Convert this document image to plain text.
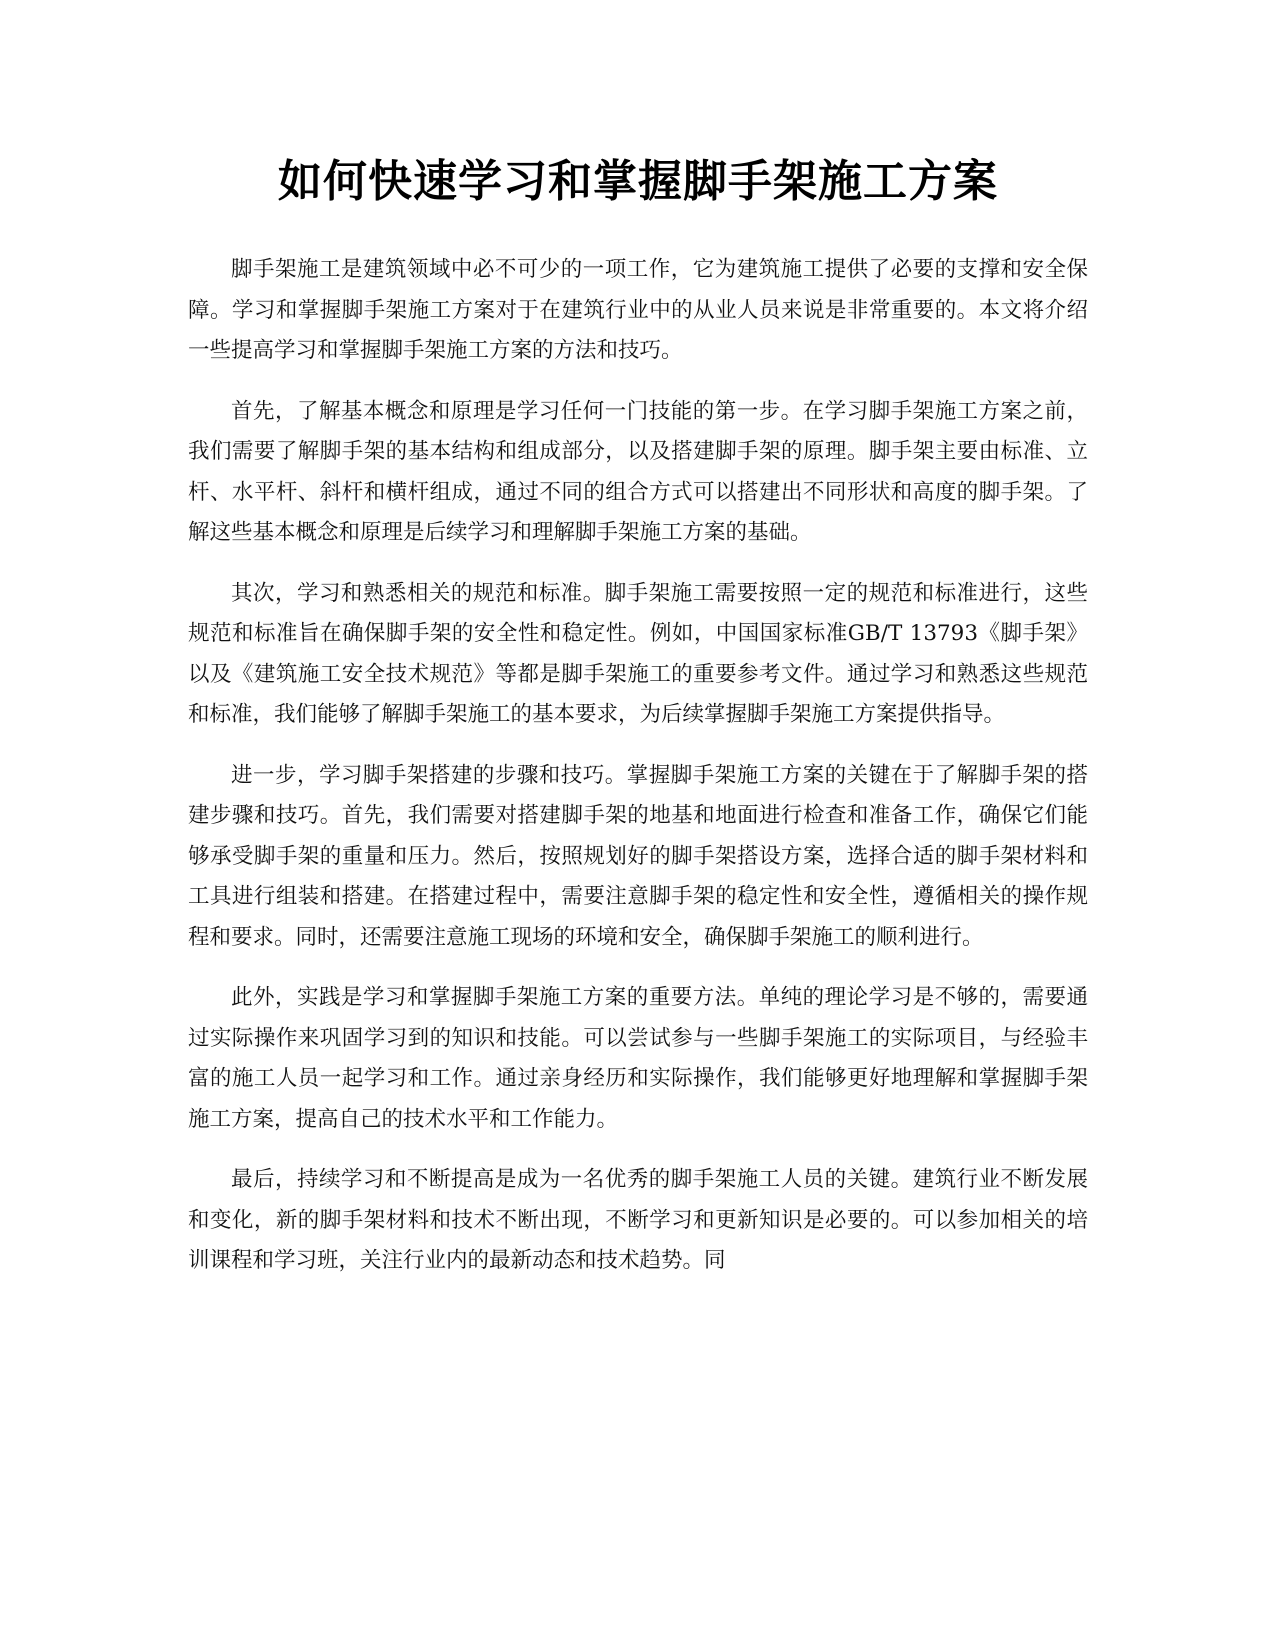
如何快速学习和掌握脚手架施工方案

脚手架施工是建筑领域中必不可少的一项工作，它为建筑施工提供了必要的支撑和安全保障。学习和掌握脚手架施工方案对于在建筑行业中的从业人员来说是非常重要的。本文将介绍一些提高学习和掌握脚手架施工方案的方法和技巧。

首先，了解基本概念和原理是学习任何一门技能的第一步。在学习脚手架施工方案之前，我们需要了解脚手架的基本结构和组成部分，以及搭建脚手架的原理。脚手架主要由标准、立杆、水平杆、斜杆和横杆组成，通过不同的组合方式可以搭建出不同形状和高度的脚手架。了解这些基本概念和原理是后续学习和理解脚手架施工方案的基础。

其次，学习和熟悉相关的规范和标准。脚手架施工需要按照一定的规范和标准进行，这些规范和标准旨在确保脚手架的安全性和稳定性。例如，中国国家标准GB/T 13793《脚手架》以及《建筑施工安全技术规范》等都是脚手架施工的重要参考文件。通过学习和熟悉这些规范和标准，我们能够了解脚手架施工的基本要求，为后续掌握脚手架施工方案提供指导。

进一步，学习脚手架搭建的步骤和技巧。掌握脚手架施工方案的关键在于了解脚手架的搭建步骤和技巧。首先，我们需要对搭建脚手架的地基和地面进行检查和准备工作，确保它们能够承受脚手架的重量和压力。然后，按照规划好的脚手架搭设方案，选择合适的脚手架材料和工具进行组装和搭建。在搭建过程中，需要注意脚手架的稳定性和安全性，遵循相关的操作规程和要求。同时，还需要注意施工现场的环境和安全，确保脚手架施工的顺利进行。

此外，实践是学习和掌握脚手架施工方案的重要方法。单纯的理论学习是不够的，需要通过实际操作来巩固学习到的知识和技能。可以尝试参与一些脚手架施工的实际项目，与经验丰富的施工人员一起学习和工作。通过亲身经历和实际操作，我们能够更好地理解和掌握脚手架施工方案，提高自己的技术水平和工作能力。

最后，持续学习和不断提高是成为一名优秀的脚手架施工人员的关键。建筑行业不断发展和变化，新的脚手架材料和技术不断出现，不断学习和更新知识是必要的。可以参加相关的培训课程和学习班，关注行业内的最新动态和技术趋势。同
